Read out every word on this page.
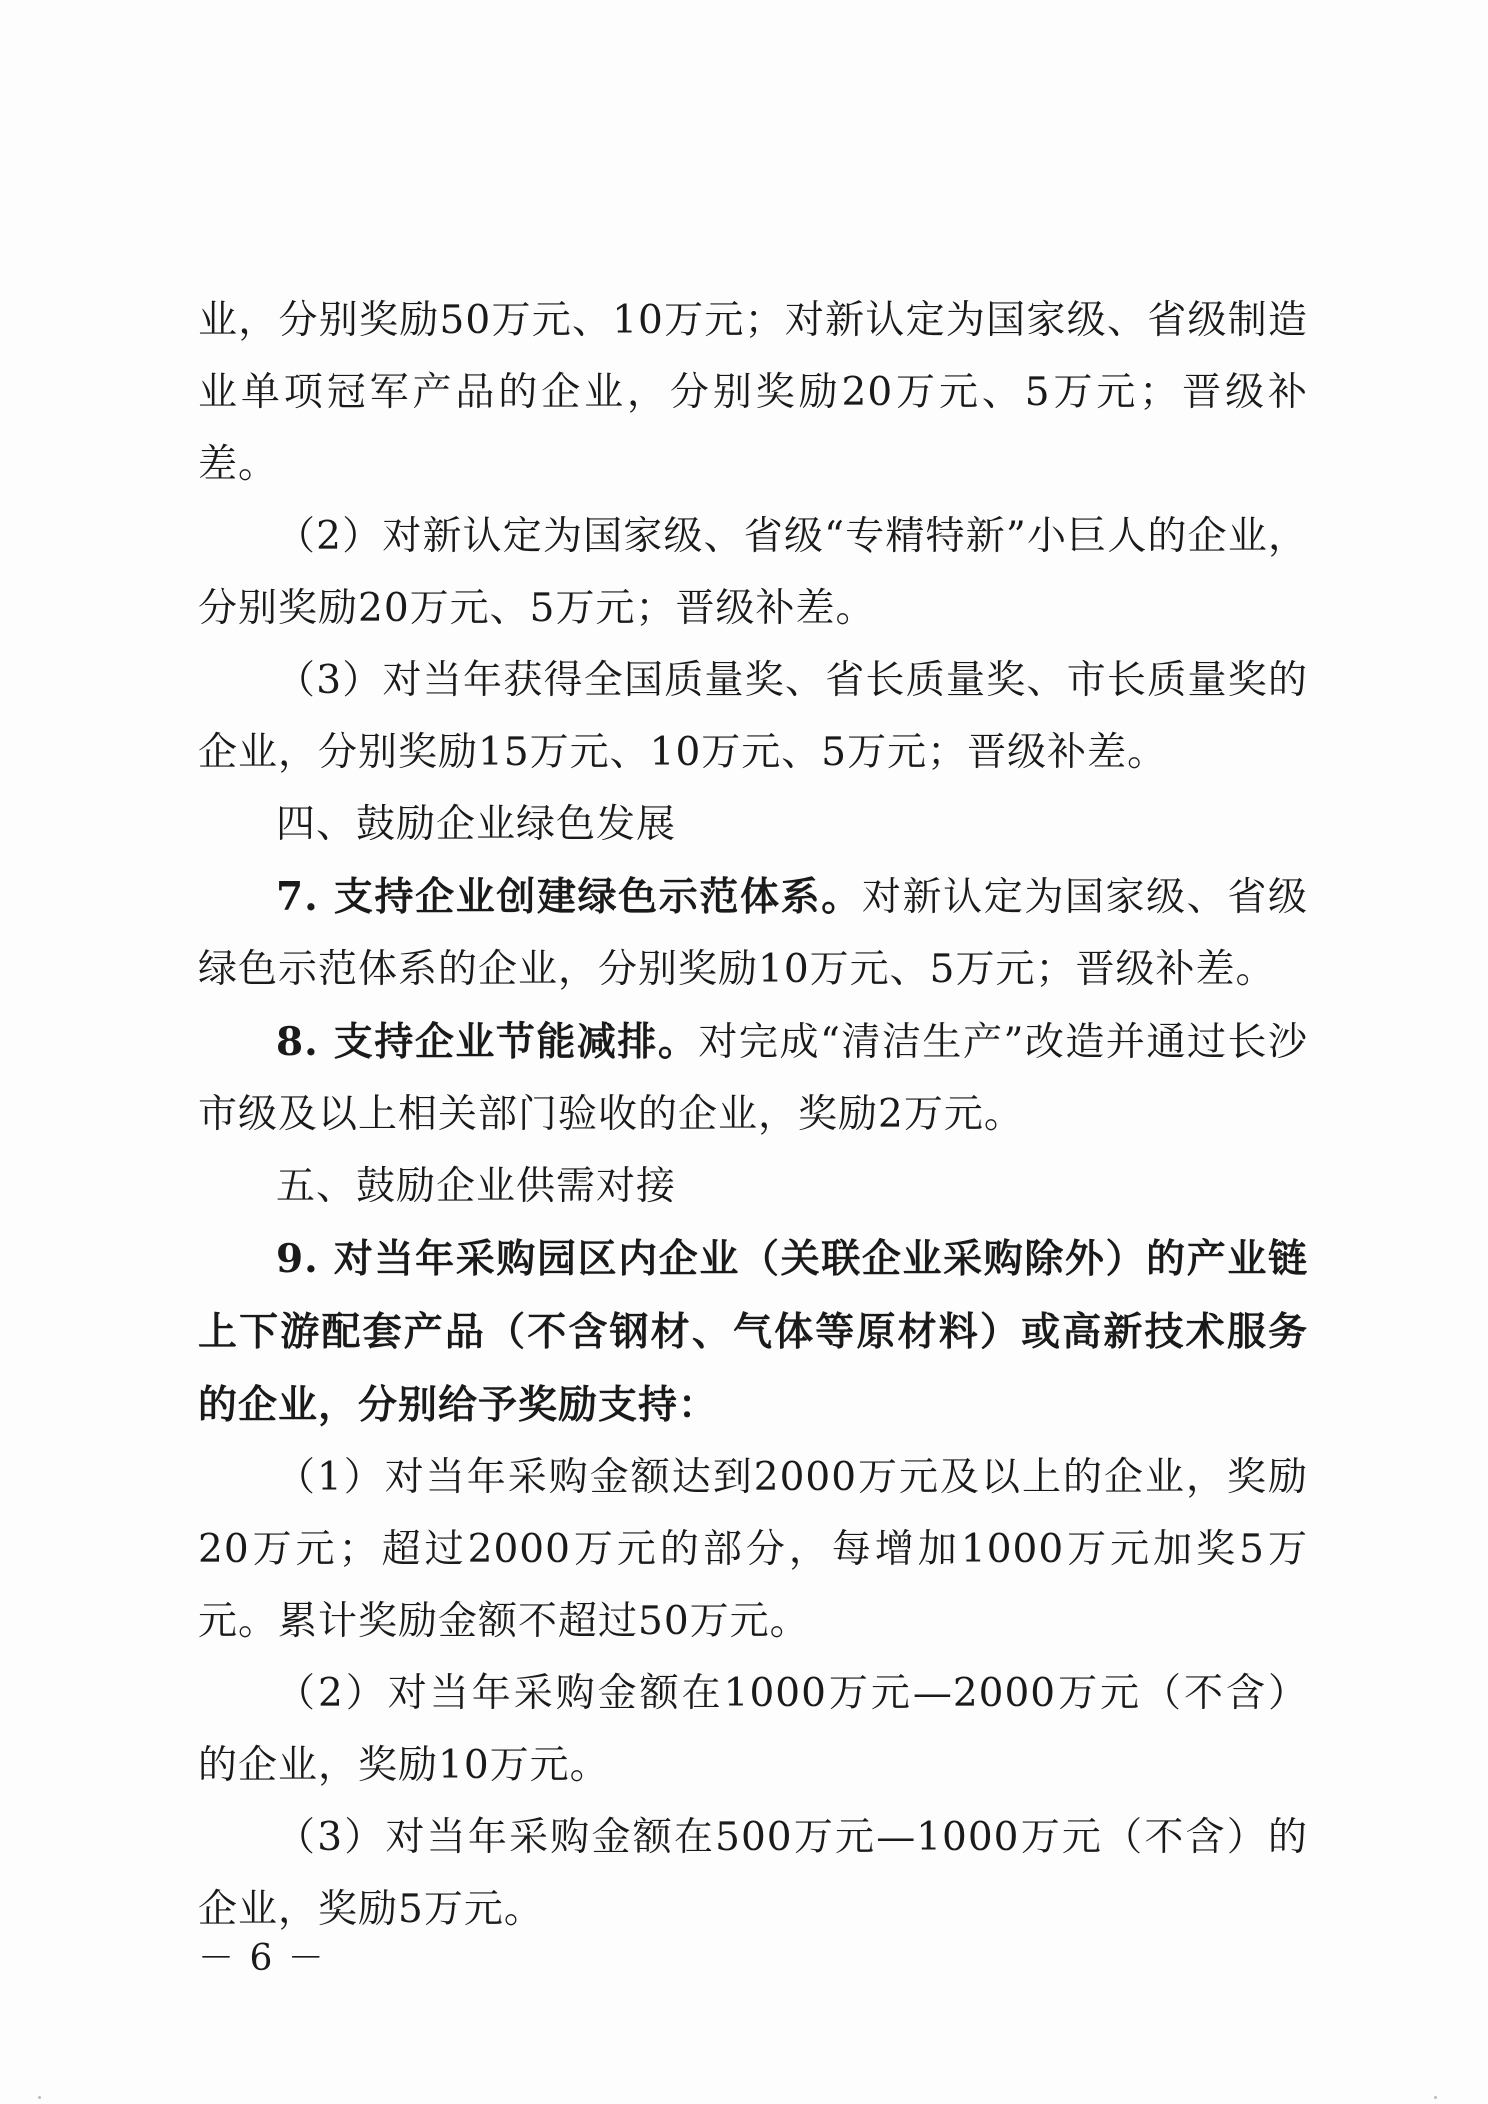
业，分别奖励50万元、10万元；对新认定为国家级、省级制造业单项冠军产品的企业，分别奖励20万元、5万元；晋级补差。

（2）对新认定为国家级、省级“专精特新”小巨人的企业，分别奖励20万元、5万元；晋级补差。

（3）对当年获得全国质量奖、省长质量奖、市长质量奖的企业，分别奖励15万元、10万元、5万元；晋级补差。

四、鼓励企业绿色发展

7. 支持企业创建绿色示范体系。对新认定为国家级、省级绿色示范体系的企业，分别奖励10万元、5万元；晋级补差。

8. 支持企业节能减排。对完成“清洁生产”改造并通过长沙市级及以上相关部门验收的企业，奖励2万元。

五、鼓励企业供需对接

9. 对当年采购园区内企业（关联企业采购除外）的产业链上下游配套产品（不含钢材、气体等原材料）或高新技术服务的企业，分别给予奖励支持：

（1）对当年采购金额达到2000万元及以上的企业，奖励20万元；超过2000万元的部分，每增加1000万元加奖5万元。累计奖励金额不超过50万元。

（2）对当年采购金额在1000万元—2000万元（不含）的企业，奖励10万元。

（3）对当年采购金额在500万元—1000万元（不含）的企业，奖励5万元。

－ 6 －
